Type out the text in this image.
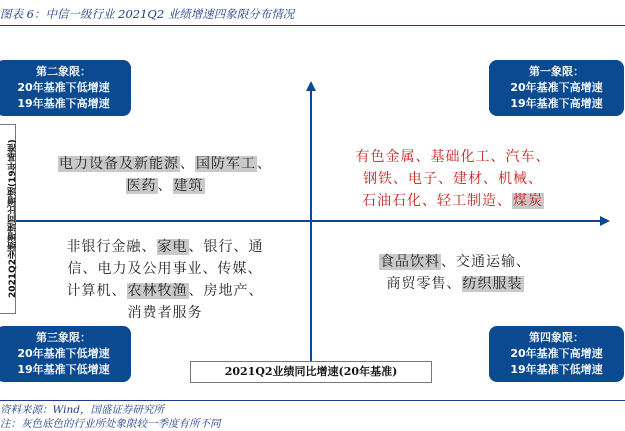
图表 6：中信一级行业 2021Q2 业绩增速四象限分布情况
第二象限：
20年基准下低增速
19年基准下高增速
第一象限：
20年基准下高增速
19年基准下高增速
第三象限：
20年基准下低增速
19年基准下低增速
第四象限：
20年基准下高增速
19年基准下低增速
2021Q2业绩增速同比增速(19年基准)	电力设备及新能源、国防军工、
医药、建筑
有色金属、基础化工、汽车、
钢铁、电子、建材、机械、
石油石化、轻工制造、煤炭
非银行金融、家电、银行、通
信、电力及公用事业、传媒、
计算机、农林牧渔、房地产、
消费者服务
食品饮料、交通运输、
商贸零售、纺织服装
2021Q2业绩同比增速(20年基准)
资料来源：Wind，国盛证券研究所
注：灰色底色的行业所处象限较一季度有所不同
